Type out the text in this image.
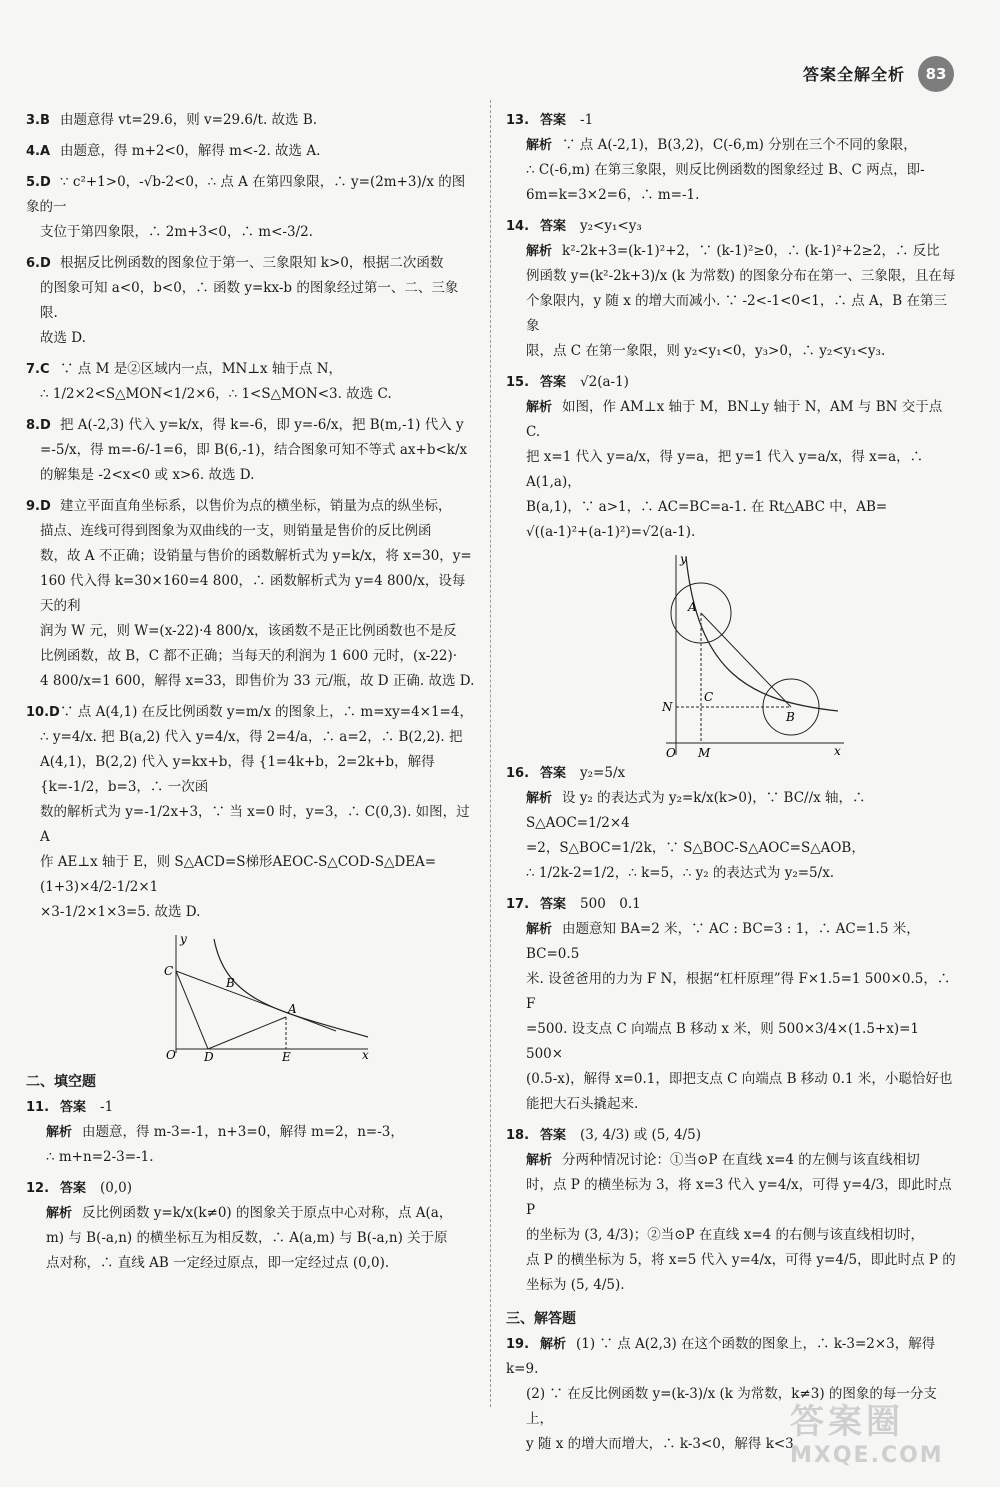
答案全解全析	83
3.B 由题意得 vt=29.6，则 v=29.6/t. 故选 B.
4.A 由题意，得 m+2<0，解得 m<-2. 故选 A.
5.D ∵ c²+1>0，-√b-2<0，∴ 点 A 在第四象限，∴ y=(2m+3)/x 的图象的一
支位于第四象限，∴ 2m+3<0，∴ m<-3/2.
6.D 根据反比例函数的图象位于第一、三象限知 k>0，根据二次函数
的图象可知 a<0，b<0，∴ 函数 y=kx-b 的图象经过第一、二、三象限.
故选 D.
7.C ∵ 点 M 是②区域内一点，MN⊥x 轴于点 N，
∴ 1/2×2<S△MON<1/2×6，∴ 1<S△MON<3. 故选 C.
8.D 把 A(-2,3) 代入 y=k/x，得 k=-6，即 y=-6/x，把 B(m,-1) 代入 y
=-5/x，得 m=-6/-1=6，即 B(6,-1)，结合图象可知不等式 ax+b<k/x
的解集是 -2<x<0 或 x>6. 故选 D.
9.D 建立平面直角坐标系，以售价为点的横坐标，销量为点的纵坐标，
描点、连线可得到图象为双曲线的一支，则销量是售价的反比例函
数，故 A 不正确；设销量与售价的函数解析式为 y=k/x，将 x=30，y=
160 代入得 k=30×160=4 800，∴ 函数解析式为 y=4 800/x，设每天的利
润为 W 元，则 W=(x-22)·4 800/x，该函数不是正比例函数也不是反
比例函数，故 B，C 都不正确；当每天的利润为 1 600 元时，(x-22)·
4 800/x=1 600，解得 x=33，即售价为 33 元/瓶，故 D 正确. 故选 D.
10.D∵ 点 A(4,1) 在反比例函数 y=m/x 的图象上，∴ m=xy=4×1=4，
∴ y=4/x. 把 B(a,2) 代入 y=4/x，得 2=4/a，∴ a=2，∴ B(2,2). 把
A(4,1)，B(2,2) 代入 y=kx+b，得 {1=4k+b，2=2k+b，解得 {k=-1/2，b=3，∴ 一次函
数的解析式为 y=-1/2x+3，∵ 当 x=0 时，y=3，∴ C(0,3). 如图，过 A
作 AE⊥x 轴于 E，则 S△ACD=S梯形AEOC-S△COD-S△DEA=(1+3)×4/2-1/2×1
×3-1/2×1×3=5. 故选 D.
y
x
C
B
A
O D	E
二、填空题
11. 答案 -1
解析 由题意，得 m-3=-1，n+3=0，解得 m=2，n=-3，
∴ m+n=2-3=-1.
12. 答案 (0,0)
解析 反比例函数 y=k/x(k≠0) 的图象关于原点中心对称，点 A(a，
m) 与 B(-a,n) 的横坐标互为相反数，∴ A(a,m) 与 B(-a,n) 关于原
点对称，∴ 直线 AB 一定经过原点，即一定经过点 (0,0).
13. 答案 -1
解析 ∵ 点 A(-2,1)，B(3,2)，C(-6,m) 分别在三个不同的象限，
∴ C(-6,m) 在第三象限，则反比例函数的图象经过 B、C 两点，即-
6m=k=3×2=6，∴ m=-1.
14. 答案 y₂<y₁<y₃
解析 k²-2k+3=(k-1)²+2，∵ (k-1)²≥0，∴ (k-1)²+2≥2，∴ 反比
例函数 y=(k²-2k+3)/x (k 为常数) 的图象分布在第一、三象限，且在每
个象限内，y 随 x 的增大而减小. ∵ -2<-1<0<1，∴ 点 A，B 在第三象
限，点 C 在第一象限，则 y₂<y₁<0，y₃>0，∴ y₂<y₁<y₃.
15. 答案 √2(a-1)
解析 如图，作 AM⊥x 轴于 M，BN⊥y 轴于 N，AM 与 BN 交于点 C.
把 x=1 代入 y=a/x，得 y=a，把 y=1 代入 y=a/x，得 x=a，∴ A(1,a)，
B(a,1)，∵ a>1，∴ AC=BC=a-1. 在 Rt△ABC 中，AB=
√((a-1)²+(a-1)²)=√2(a-1).
y
x
A
B
C
N
O M
16. 答案 y₂=5/x
解析 设 y₂ 的表达式为 y₂=k/x(k>0)，∵ BC//x 轴，∴ S△AOC=1/2×4
=2，S△BOC=1/2k，∵ S△BOC-S△AOC=S△AOB，
∴ 1/2k-2=1/2，∴ k=5，∴ y₂ 的表达式为 y₂=5/x.
17. 答案 500　0.1
解析 由题意知 BA=2 米，∵ AC : BC=3 : 1，∴ AC=1.5 米，BC=0.5
米. 设爸爸用的力为 F N，根据“杠杆原理”得 F×1.5=1 500×0.5，∴ F
=500. 设支点 C 向端点 B 移动 x 米，则 500×3/4×(1.5+x)=1 500×
(0.5-x)，解得 x=0.1，即把支点 C 向端点 B 移动 0.1 米，小聪恰好也
能把大石头撬起来.
18. 答案 (3, 4/3) 或 (5, 4/5)
解析 分两种情况讨论：①当⊙P 在直线 x=4 的左侧与该直线相切
时，点 P 的横坐标为 3，将 x=3 代入 y=4/x，可得 y=4/3，即此时点 P
的坐标为 (3, 4/3)；②当⊙P 在直线 x=4 的右侧与该直线相切时，
点 P 的横坐标为 5，将 x=5 代入 y=4/x，可得 y=4/5，即此时点 P 的
坐标为 (5, 4/5).
三、解答题
19. 解析 (1) ∵ 点 A(2,3) 在这个函数的图象上，∴ k-3=2×3，解得 k=9.
(2) ∵ 在反比例函数 y=(k-3)/x (k 为常数，k≠3) 的图象的每一分支上，
y 随 x 的增大而增大，∴ k-3<0，解得 k<3.
答案圈
MXQE.COM
